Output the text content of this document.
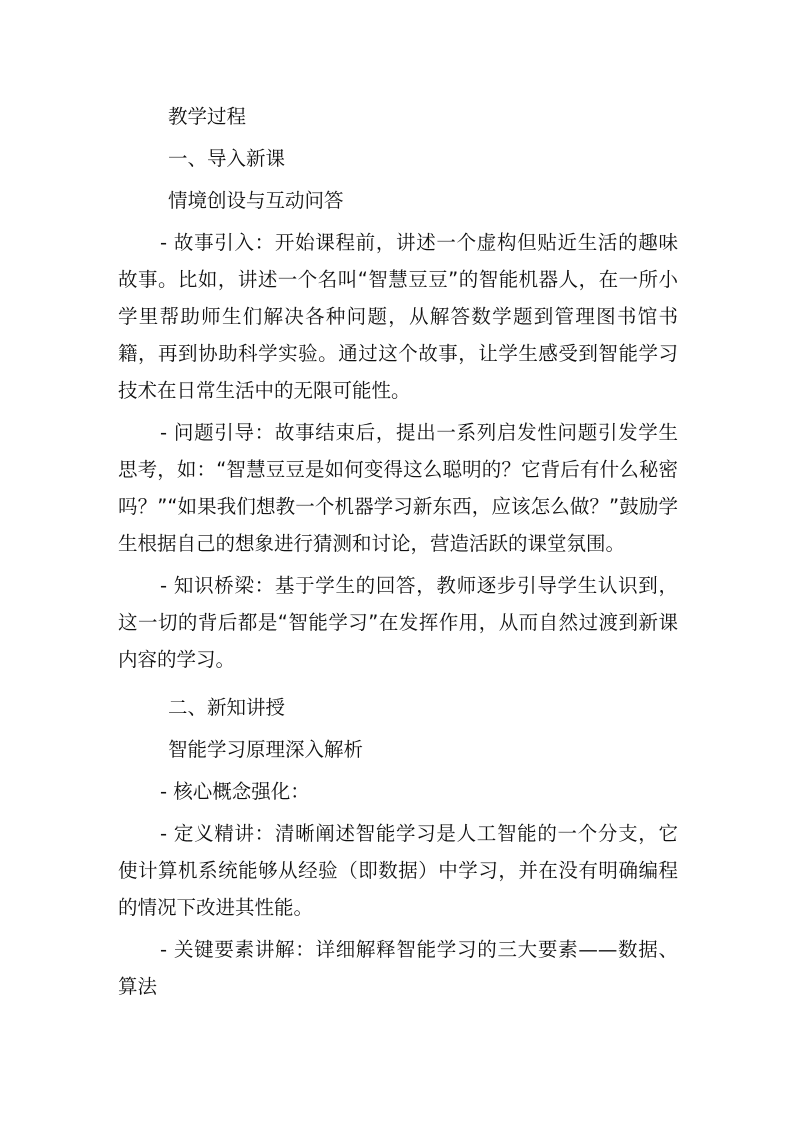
教学过程

一、导入新课

情境创设与互动问答

- 故事引入：开始课程前，讲述一个虚构但贴近生活的趣味故事。比如，讲述一个名叫“智慧豆豆”的智能机器人，在一所小学里帮助师生们解决各种问题，从解答数学题到管理图书馆书籍，再到协助科学实验。通过这个故事，让学生感受到智能学习技术在日常生活中的无限可能性。

- 问题引导：故事结束后，提出一系列启发性问题引发学生思考，如：“智慧豆豆是如何变得这么聪明的？它背后有什么秘密吗？”“如果我们想教一个机器学习新东西，应该怎么做？”鼓励学生根据自己的想象进行猜测和讨论，营造活跃的课堂氛围。

- 知识桥梁：基于学生的回答，教师逐步引导学生认识到，这一切的背后都是“智能学习”在发挥作用，从而自然过渡到新课内容的学习。

二、新知讲授

智能学习原理深入解析

- 核心概念强化：

- 定义精讲：清晰阐述智能学习是人工智能的一个分支，它使计算机系统能够从经验（即数据）中学习，并在没有明确编程的情况下改进其性能。

- 关键要素讲解：详细解释智能学习的三大要素——数据、算法
